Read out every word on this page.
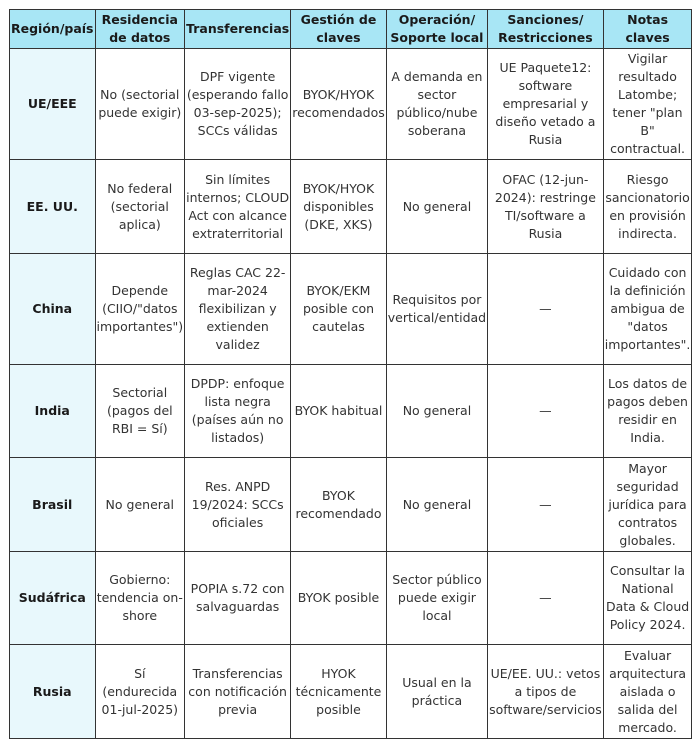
Región/país	Residencia de datos	Transferencias	Gestión de claves	Operación/ Soporte local	Sanciones/ Restricciones	Notas claves
UE/EEE	No (sectorial puede exigir)	DPF vigente (esperando fallo 03-sep-2025); SCCs válidas	BYOK/HYOK recomendados	A demanda en sector público/nube soberana	UE Paquete12: software empresarial y diseño vetado a Rusia	Vigilar resultado Latombe; tener "plan B" contractual.
EE. UU.	No federal (sectorial aplica)	Sin límites internos; CLOUD Act con alcance extraterritorial	BYOK/HYOK disponibles (DKE, XKS)	No general	OFAC (12-jun-2024): restringe TI/software a Rusia	Riesgo sancionatorio en provisión indirecta.
China	Depende (CIIO/"datos importantes")	Reglas CAC 22-mar-2024 flexibilizan y extienden validez	BYOK/EKM posible con cautelas	Requisitos por vertical/entidad	—	Cuidado con la definición ambigua de "datos importantes".
India	Sectorial (pagos del RBI = Sí)	DPDP: enfoque lista negra (países aún no listados)	BYOK habitual	No general	—	Los datos de pagos deben residir en India.
Brasil	No general	Res. ANPD 19/2024: SCCs oficiales	BYOK recomendado	No general	—	Mayor seguridad jurídica para contratos globales.
Sudáfrica	Gobierno: tendencia on-shore	POPIA s.72 con salvaguardas	BYOK posible	Sector público puede exigir local	—	Consultar la National Data & Cloud Policy 2024.
Rusia	Sí (endurecida 01-jul-2025)	Transferencias con notificación previa	HYOK técnicamente posible	Usual en la práctica	UE/EE. UU.: vetos a tipos de software/servicios	Evaluar arquitectura aislada o salida del mercado.
